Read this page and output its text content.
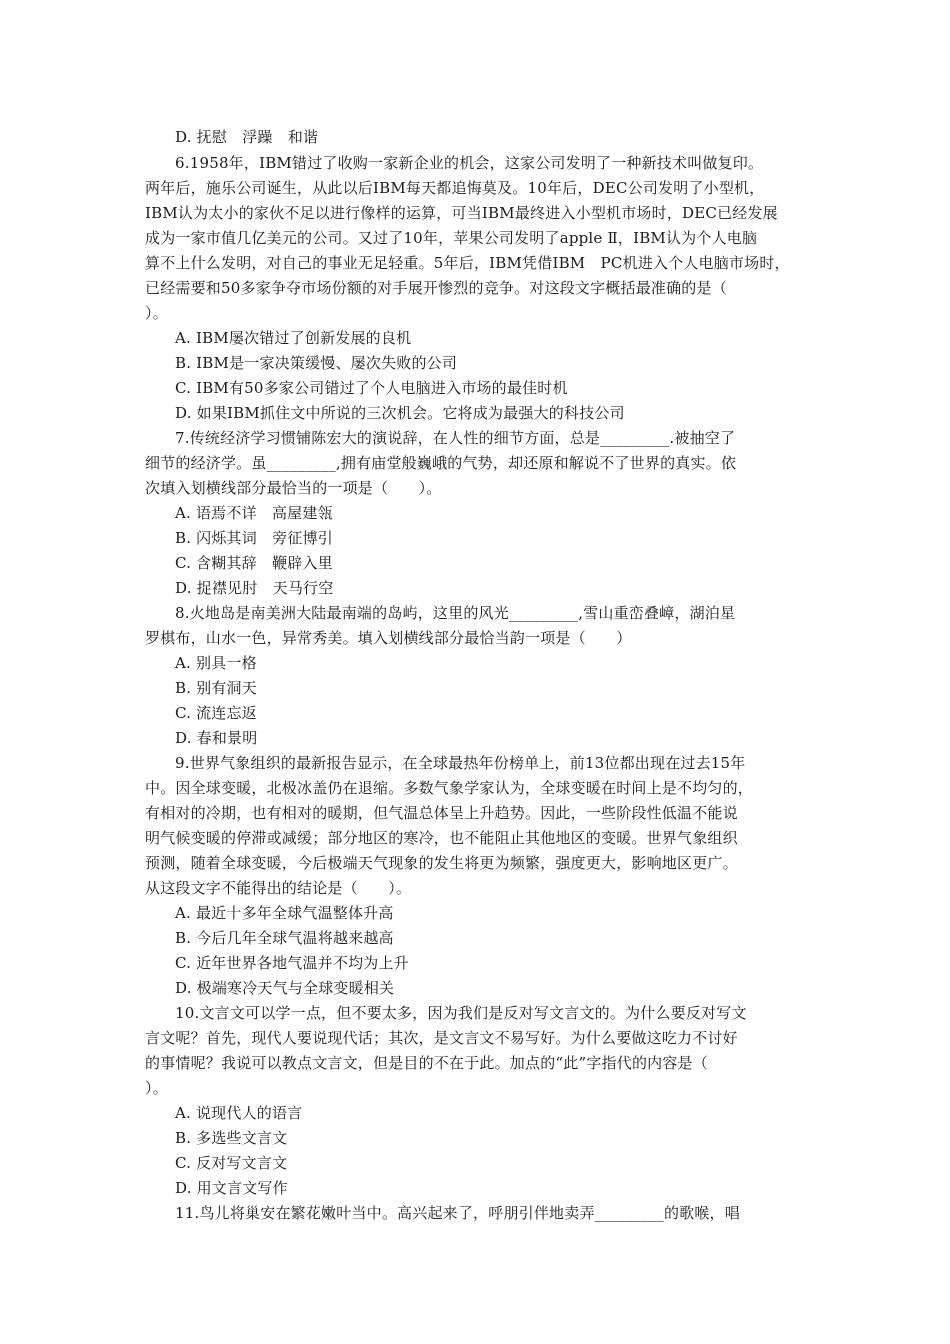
D. 抚慰　浮躁　和谐
6.1958年，IBM错过了收购一家新企业的机会，这家公司发明了一种新技术叫做复印。
两年后，施乐公司诞生，从此以后IBM每天都追悔莫及。10年后，DEC公司发明了小型机，
IBM认为太小的家伙不足以进行像样的运算，可当IBM最终进入小型机市场时，DEC已经发展
成为一家市值几亿美元的公司。又过了10年，苹果公司发明了apple Ⅱ，IBM认为个人电脑
算不上什么发明，对自己的事业无足轻重。5年后，IBM凭借IBM　PC机进入个人电脑市场时，
已经需要和50多家争夺市场份额的对手展开惨烈的竞争。对这段文字概括最准确的是（
）。
A. IBM屡次错过了创新发展的良机
B. IBM是一家决策缓慢、屡次失败的公司
C. IBM有50多家公司错过了个人电脑进入市场的最佳时机
D. 如果IBM抓住文中所说的三次机会。它将成为最强大的科技公司
7.传统经济学习惯铺陈宏大的演说辞，在人性的细节方面，总是_________.被抽空了
细节的经济学。虽_________,拥有庙堂般巍峨的气势，却还原和解说不了世界的真实。依
次填入划横线部分最恰当的一项是（　　）。
A. 语焉不详　高屋建瓴
B. 闪烁其词　旁征博引
C. 含糊其辞　鞭辟入里
D. 捉襟见肘　天马行空
8.火地岛是南美洲大陆最南端的岛屿，这里的风光_________,雪山重峦叠嶂，湖泊星
罗棋布，山水一色，异常秀美。填入划横线部分最恰当韵一项是（　　）
A. 别具一格
B. 别有洞天
C. 流连忘返
D. 春和景明
9.世界气象组织的最新报告显示，在全球最热年份榜单上，前13位都出现在过去15年
中。因全球变暖，北极冰盖仍在退缩。多数气象学家认为，全球变暖在时间上是不均匀的，
有相对的冷期，也有相对的暖期，但气温总体呈上升趋势。因此，一些阶段性低温不能说
明气候变暖的停滞或减缓；部分地区的寒冷，也不能阻止其他地区的变暖。世界气象组织
预测，随着全球变暖，今后极端天气现象的发生将更为频繁，强度更大，影响地区更广。
从这段文字不能得出的结论是（　　）。
A. 最近十多年全球气温整体升高
B. 今后几年全球气温将越来越高
C. 近年世界各地气温并不均为上升
D. 极端寒冷天气与全球变暖相关
10.文言文可以学一点，但不要太多，因为我们是反对写文言文的。为什么要反对写文
言文呢？首先，现代人要说现代话；其次，是文言文不易写好。为什么要做这吃力不讨好
的事情呢？我说可以教点文言文，但是目的不在于此。加点的“此”字指代的内容是（
）。
A. 说现代人的语言
B. 多选些文言文
C. 反对写文言文
D. 用文言文写作
11.鸟儿将巢安在繁花嫩叶当中。高兴起来了，呼朋引伴地卖弄_________的歌喉，唱
